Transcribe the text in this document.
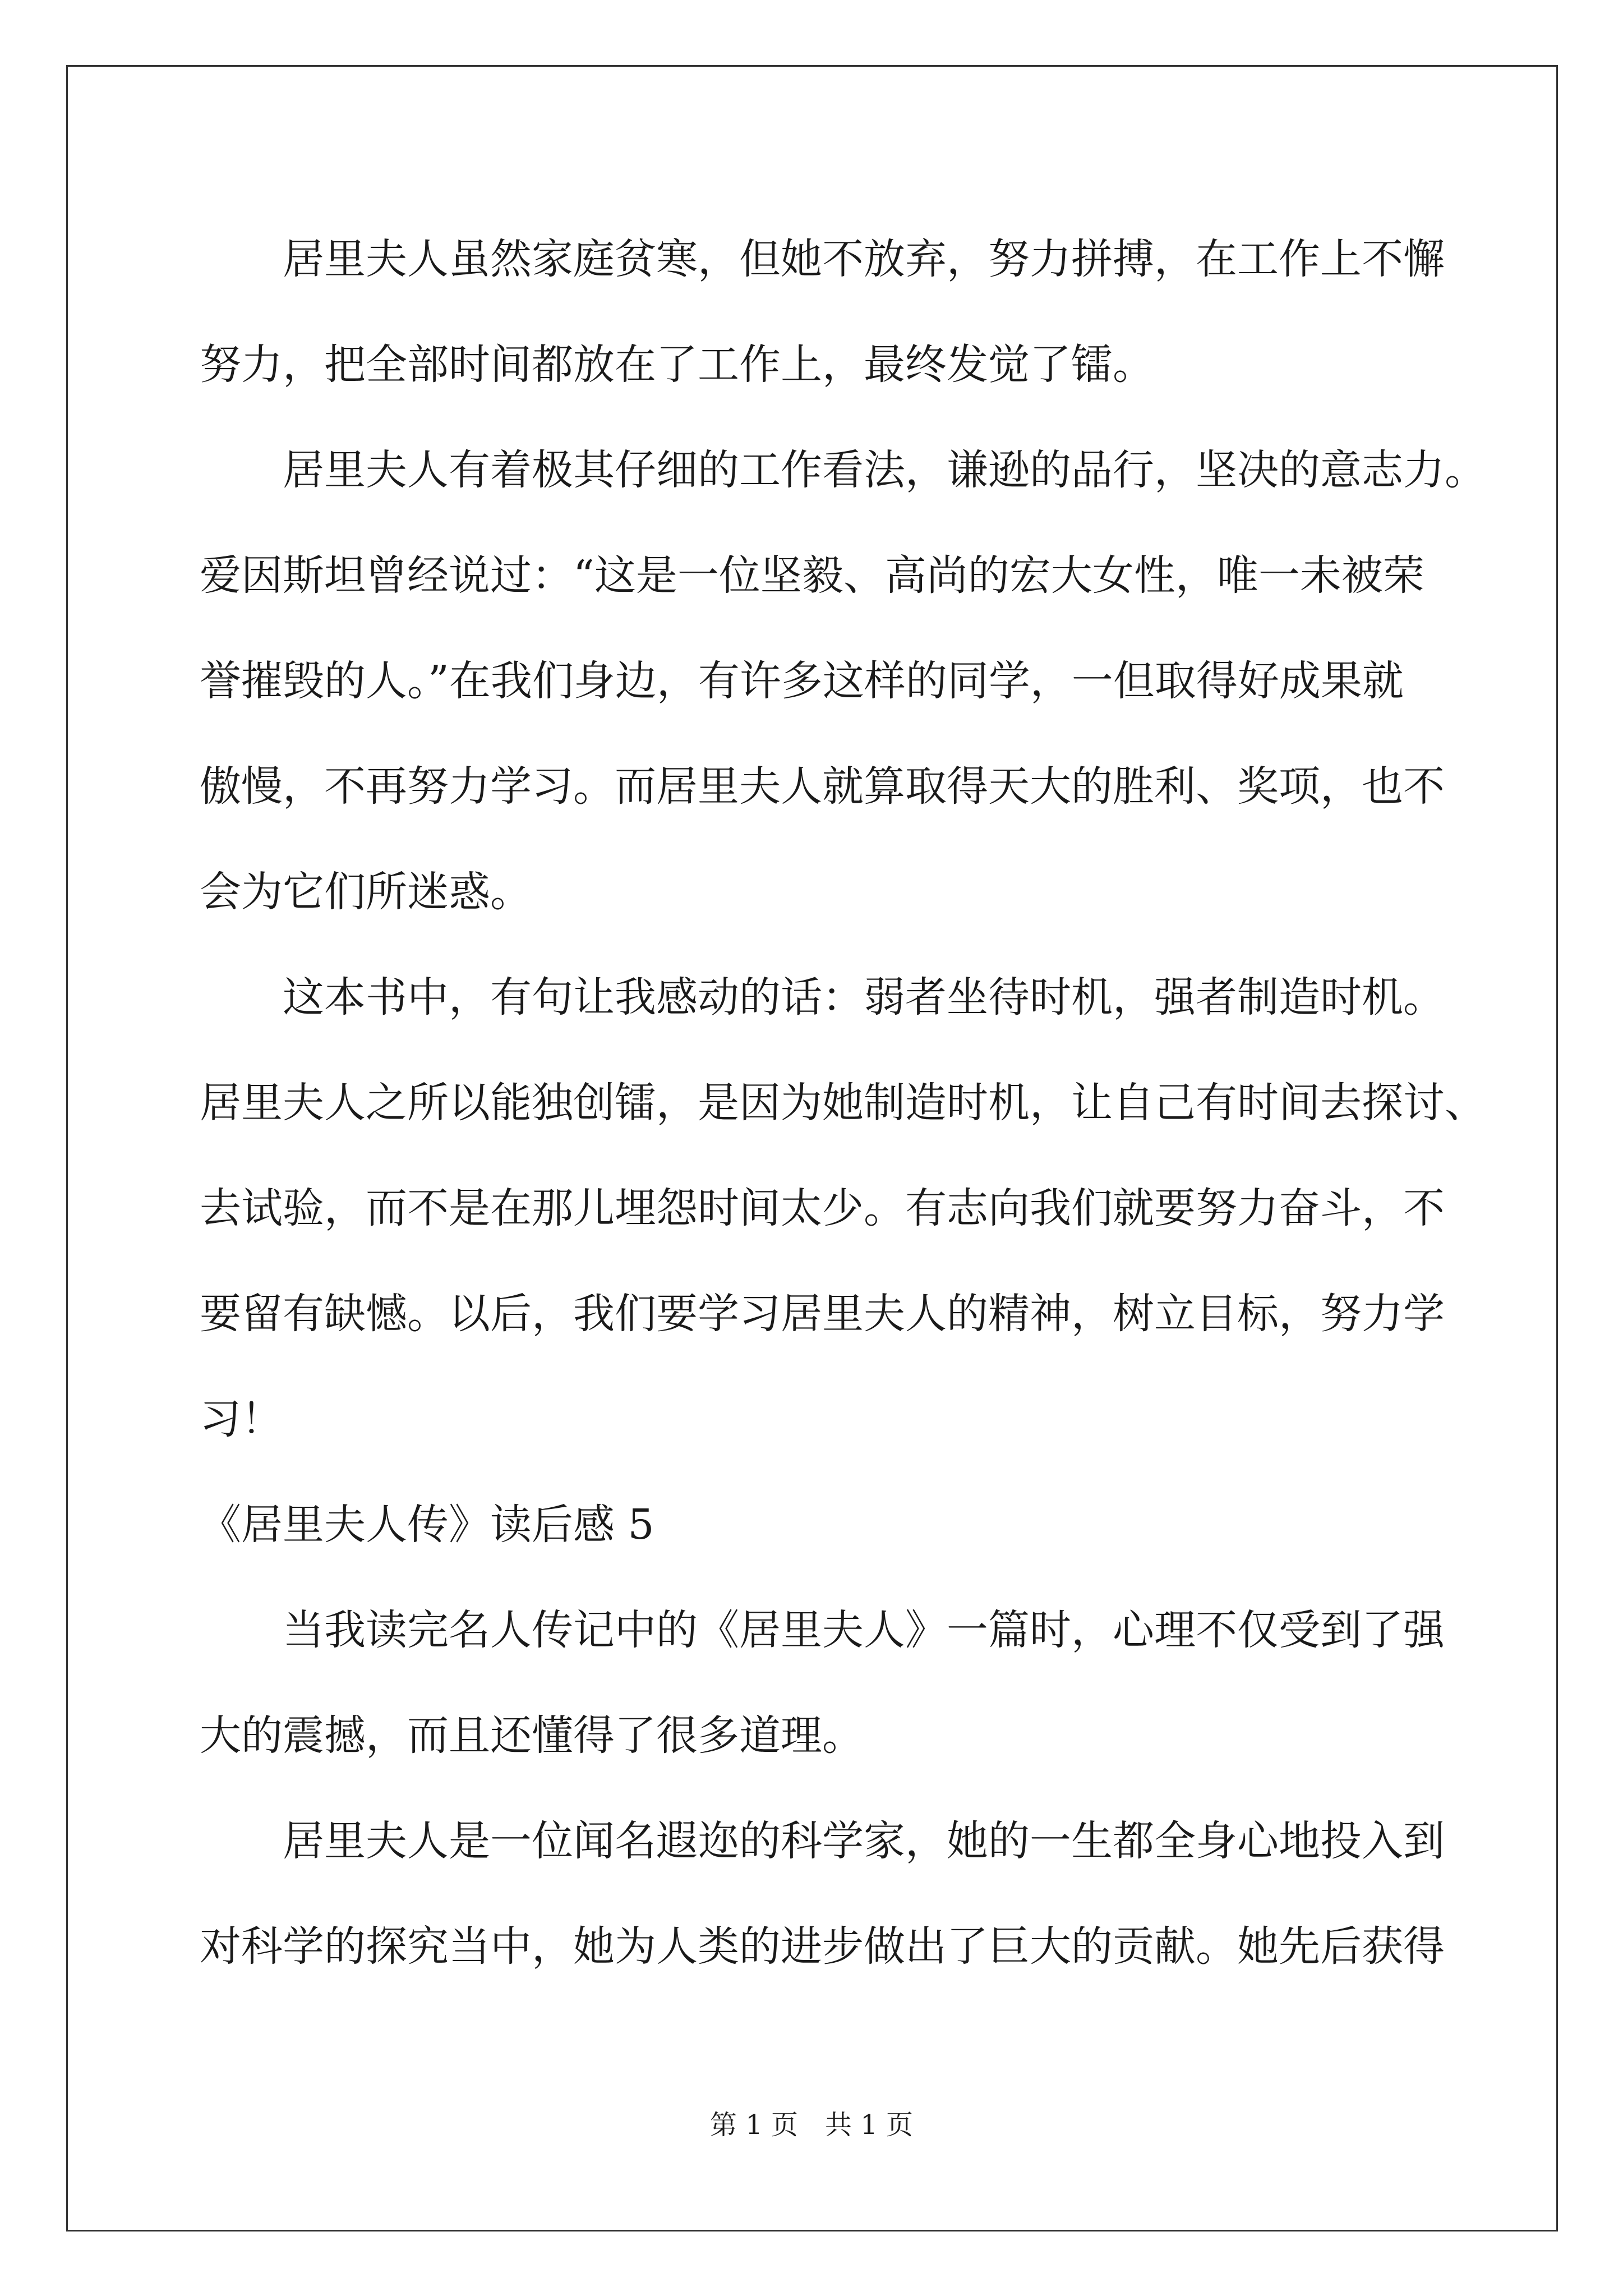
居里夫人虽然家庭贫寒，但她不放弃，努力拼搏，在工作上不懈
努力，把全部时间都放在了工作上，最终发觉了镭。
居里夫人有着极其仔细的工作看法，谦逊的品行，坚决的意志力。
爱因斯坦曾经说过：“这是一位坚毅、高尚的宏大女性，唯一未被荣
誉摧毁的人。”在我们身边，有许多这样的同学，一但取得好成果就
傲慢，不再努力学习。而居里夫人就算取得天大的胜利、奖项，也不
会为它们所迷惑。
这本书中，有句让我感动的话：弱者坐待时机，强者制造时机。
居里夫人之所以能独创镭，是因为她制造时机，让自己有时间去探讨、
去试验，而不是在那儿埋怨时间太少。有志向我们就要努力奋斗，不
要留有缺憾。以后，我们要学习居里夫人的精神，树立目标，努力学
习！
《居里夫人传》读后感 5
当我读完名人传记中的《居里夫人》一篇时，心理不仅受到了强
大的震撼，而且还懂得了很多道理。
居里夫人是一位闻名遐迩的科学家，她的一生都全身心地投入到
对科学的探究当中，她为人类的进步做出了巨大的贡献。她先后获得
第 1 页　共 1 页
